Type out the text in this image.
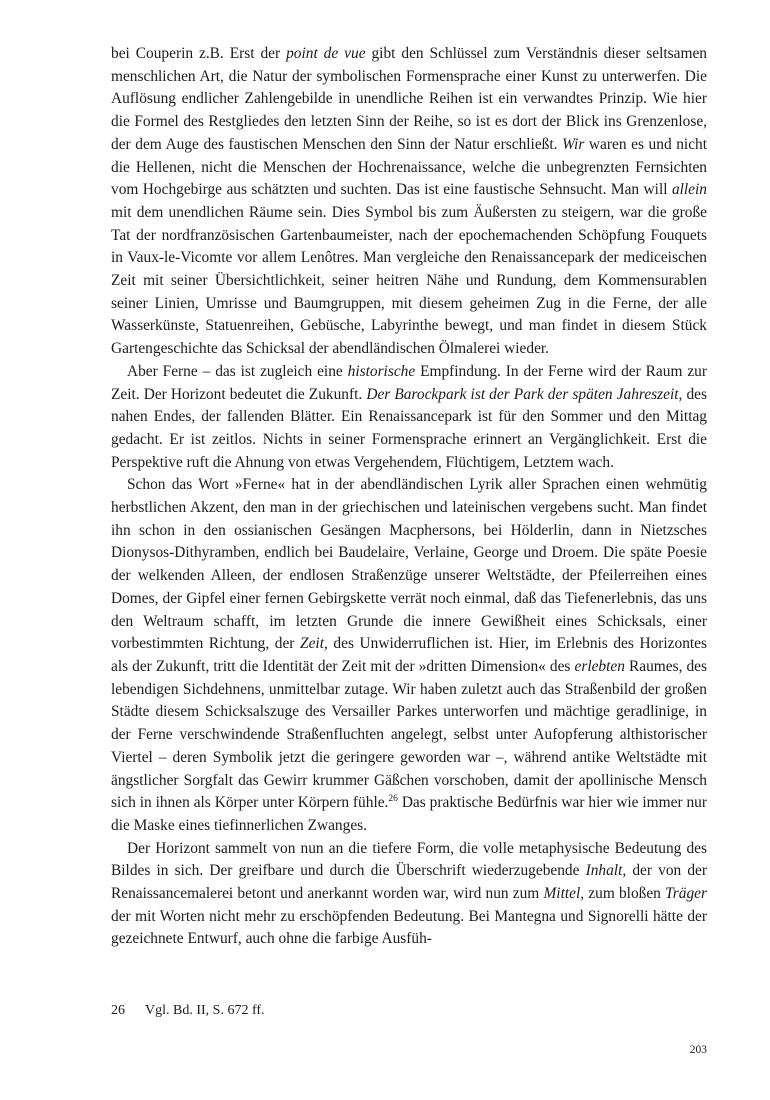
bei Couperin z.B. Erst der point de vue gibt den Schlüssel zum Verständnis dieser seltsamen menschlichen Art, die Natur der symbolischen Formensprache einer Kunst zu unterwerfen. Die Auflösung endlicher Zahlengebilde in unendliche Reihen ist ein verwandtes Prinzip. Wie hier die Formel des Restgliedes den letzten Sinn der Reihe, so ist es dort der Blick ins Grenzenlose, der dem Auge des faustischen Menschen den Sinn der Natur erschließt. Wir waren es und nicht die Hellenen, nicht die Menschen der Hochrenaissance, welche die unbegrenzten Fernsichten vom Hochgebirge aus schätzten und suchten. Das ist eine faustische Sehnsucht. Man will allein mit dem unendlichen Räume sein. Dies Symbol bis zum Äußersten zu steigern, war die große Tat der nordfranzösischen Gartenbaumeister, nach der epochemachenden Schöpfung Fouquets in Vaux-le-Vicomte vor allem Lenôtres. Man vergleiche den Renaissancepark der mediceischen Zeit mit seiner Übersichtlichkeit, seiner heitren Nähe und Rundung, dem Kommensurablen seiner Linien, Umrisse und Baumgruppen, mit diesem geheimen Zug in die Ferne, der alle Wasserkünste, Statuenreihen, Gebüsche, Labyrinthe bewegt, und man findet in diesem Stück Gartengeschichte das Schicksal der abendländischen Ölmalerei wieder.

Aber Ferne – das ist zugleich eine historische Empfindung. In der Ferne wird der Raum zur Zeit. Der Horizont bedeutet die Zukunft. Der Barockpark ist der Park der späten Jahreszeit, des nahen Endes, der fallenden Blätter. Ein Renaissancepark ist für den Sommer und den Mittag gedacht. Er ist zeitlos. Nichts in seiner Formensprache erinnert an Vergänglichkeit. Erst die Perspektive ruft die Ahnung von etwas Vergehendem, Flüchtigem, Letztem wach.

Schon das Wort »Ferne« hat in der abendländischen Lyrik aller Sprachen einen wehmütig herbstlichen Akzent, den man in der griechischen und lateinischen vergebens sucht. Man findet ihn schon in den ossianischen Gesängen Macphersons, bei Hölderlin, dann in Nietzsches Dionysos-Dithyramben, endlich bei Baudelaire, Verlaine, George und Droem. Die späte Poesie der welkenden Alleen, der endlosen Straßenzüge unserer Weltstädte, der Pfeilerreihen eines Domes, der Gipfel einer fernen Gebirgskette verrät noch einmal, daß das Tiefenerlebnis, das uns den Weltraum schafft, im letzten Grunde die innere Gewißheit eines Schicksals, einer vorbestimmten Richtung, der Zeit, des Unwiderruflichen ist. Hier, im Erlebnis des Horizontes als der Zukunft, tritt die Identität der Zeit mit der »dritten Dimension« des erlebten Raumes, des lebendigen Sichdehnens, unmittelbar zutage. Wir haben zuletzt auch das Straßenbild der großen Städte diesem Schicksalszuge des Versailler Parkes unterworfen und mächtige geradlinige, in der Ferne verschwindende Straßenfluchten angelegt, selbst unter Aufopferung althistorischer Viertel – deren Symbolik jetzt die geringere geworden war –, während antike Weltstädte mit ängstlicher Sorgfalt das Gewirr krummer Gäßchen vorschoben, damit der apollinische Mensch sich in ihnen als Körper unter Körpern fühle.$^{26}$ Das praktische Bedürfnis war hier wie immer nur die Maske eines tiefinnerlichen Zwanges.

Der Horizont sammelt von nun an die tiefere Form, die volle metaphysische Bedeutung des Bildes in sich. Der greifbare und durch die Überschrift wiederzugebende Inhalt, der von der Renaissancemalerei betont und anerkannt worden war, wird nun zum Mittel, zum bloßen Träger der mit Worten nicht mehr zu erschöpfenden Bedeutung. Bei Mantegna und Signorelli hätte der gezeichnete Entwurf, auch ohne die farbige Ausfüh-

26 Vgl. Bd. II, S. 672 ff.
203
